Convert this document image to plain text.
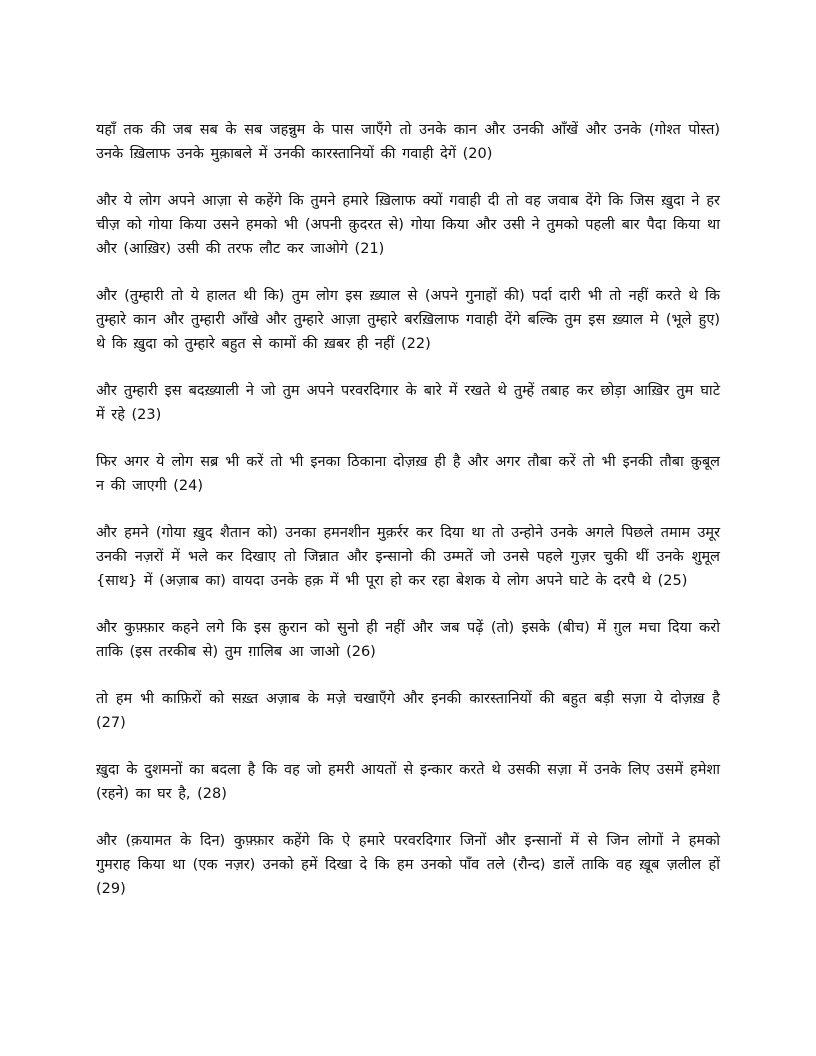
यहाँ तक की जब सब के सब जहन्नुम के पास जाएँगे तो उनके कान और उनकी आँखें और उनके (गोश्त पोस्त) उनके ख़िलाफ उनके मुक़ाबले में उनकी कारस्तानियों की गवाही देगें (20)

और ये लोग अपने आज़ा से कहेंगे कि तुमने हमारे ख़िलाफ क्यों गवाही दी तो वह जवाब देंगे कि जिस ख़ुदा ने हर चीज़ को गोया किया उसने हमको भी (अपनी क़ुदरत से) गोया किया और उसी ने तुमको पहली बार पैदा किया था और (आख़िर) उसी की तरफ लौट कर जाओगे (21)

और (तुम्हारी तो ये हालत थी कि) तुम लोग इस ख़्याल से (अपने गुनाहों की) पर्दा दारी भी तो नहीं करते थे कि तुम्हारे कान और तुम्हारी आँखे और तुम्हारे आज़ा तुम्हारे बरख़िलाफ गवाही देंगे बल्कि तुम इस ख़्याल मे (भूले हुए) थे कि ख़ुदा को तुम्हारे बहुत से कामों की ख़बर ही नहीं (22)

और तुम्हारी इस बदख़्याली ने जो तुम अपने परवरदिगार के बारे में रखते थे तुम्हें तबाह कर छोड़ा आख़िर तुम घाटे में रहे (23)

फिर अगर ये लोग सब्र भी करें तो भी इनका ठिकाना दोज़ख़ ही है और अगर तौबा करें तो भी इनकी तौबा क़ुबूल न की जाएगी (24)

और हमने (गोया ख़ुद शैतान को) उनका हमनशीन मुक़र्रर कर दिया था तो उन्होने उनके अगले पिछले तमाम उमूर उनकी नज़रों में भले कर दिखाए तो जिन्नात और इन्सानो की उम्मतें जो उनसे पहले गुज़र चुकी थीं उनके शुमूल {साथ} में (अज़ाब का) वायदा उनके हक़ में भी पूरा हो कर रहा बेशक ये लोग अपने घाटे के दरपै थे (25)

और कुफ़्फ़ार कहने लगे कि इस क़ुरान को सुनो ही नहीं और जब पढ़ें (तो) इसके (बीच) में ग़ुल मचा दिया करो ताकि (इस तरकीब से) तुम ग़ालिब आ जाओ (26)

तो हम भी काफ़िरों को सख़्त अज़ाब के मज़े चखाएँगे और इनकी कारस्तानियों की बहुत बड़ी सज़ा ये दोज़ख़ है (27)

ख़ुदा के दुशमनों का बदला है कि वह जो हमरी आयतों से इन्कार करते थे उसकी सज़ा में उनके लिए उसमें हमेशा (रहने) का घर है, (28)

और (क़यामत के दिन) कुफ़्फ़ार कहेंगे कि ऐ हमारे परवरदिगार जिनों और इन्सानों में से जिन लोगों ने हमको गुमराह किया था (एक नज़र) उनको हमें दिखा दे कि हम उनको पाँव तले (रौन्द) डालें ताकि वह ख़ूब ज़लील हों (29)
